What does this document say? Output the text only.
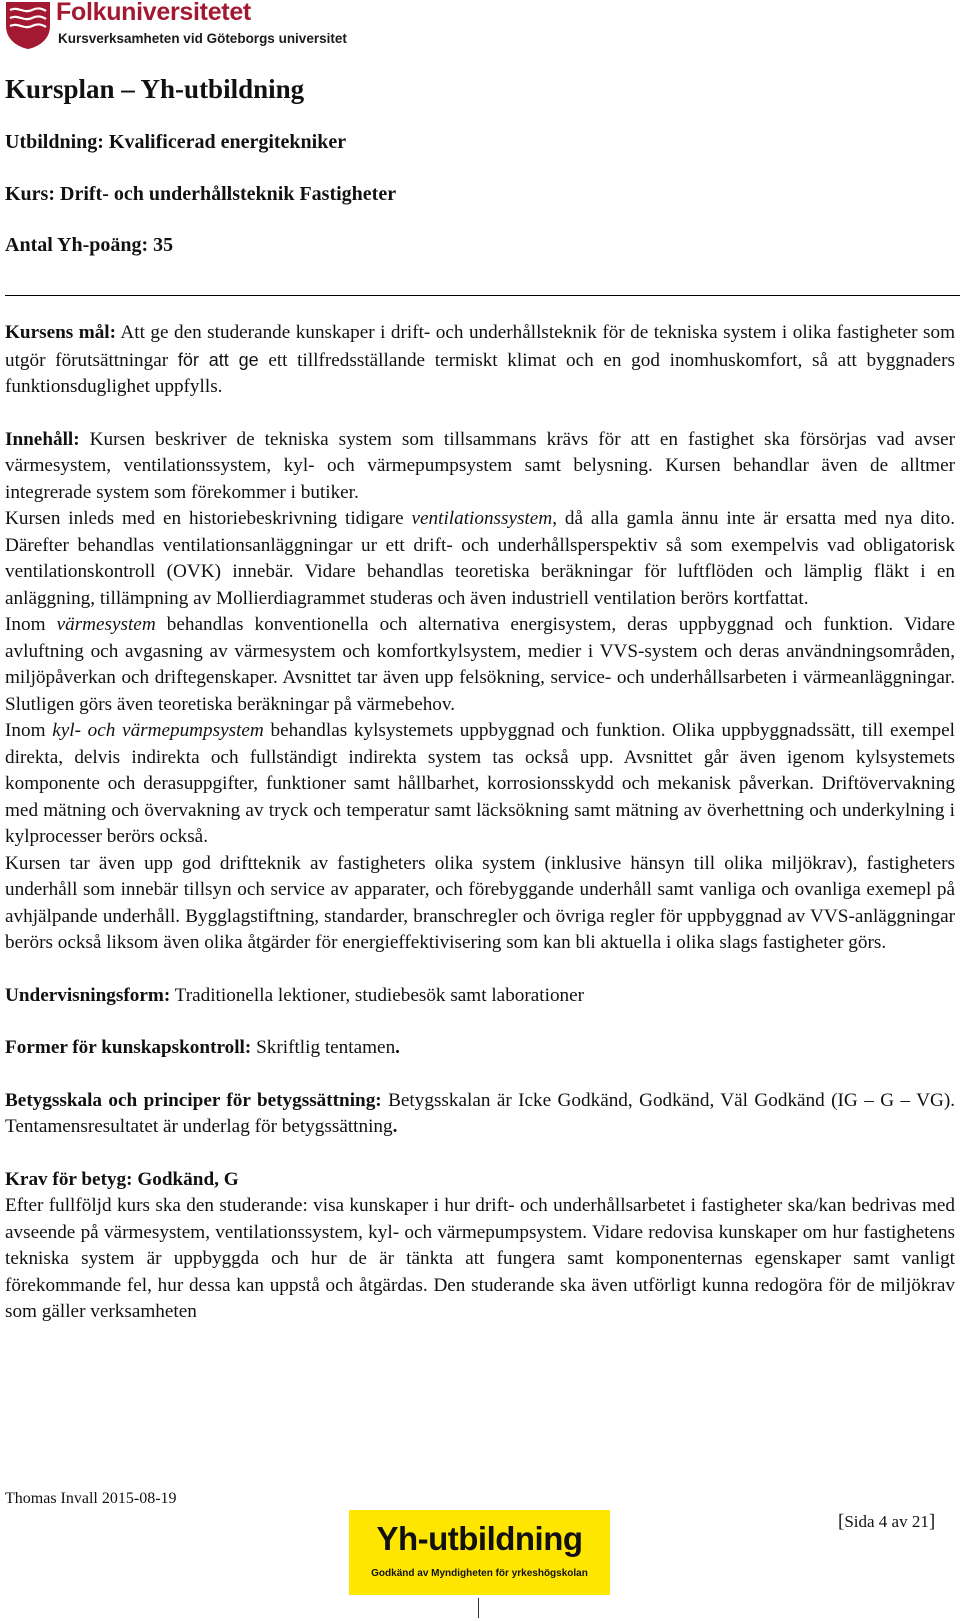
Folkuniversitetet
Kursverksamheten vid Göteborgs universitet
Kursplan – Yh-utbildning
Utbildning: Kvalificerad energitekniker
Kurs: Drift- och underhållsteknik Fastigheter
Antal Yh-poäng: 35

Kursens mål: Att ge den studerande kunskaper i drift- och underhållsteknik för de tekniska system i olika fastigheter som utgör förutsättningar för att ge ett tillfredsställande termiskt klimat och en god inomhuskomfort, så att byggnaders funktionsduglighet uppfylls.

Innehåll: Kursen beskriver de tekniska system som tillsammans krävs för att en fastighet ska försörjas vad avser värmesystem, ventilationssystem, kyl- och värmepumpsystem samt belysning. Kursen behandlar även de alltmer integrerade system som förekommer i butiker.

Kursen inleds med en historiebeskrivning tidigare ventilationssystem, då alla gamla ännu inte är ersatta med nya dito. Därefter behandlas ventilationsanläggningar ur ett drift- och underhållsperspektiv så som exempelvis vad obligatorisk ventilationskontroll (OVK) innebär. Vidare behandlas teoretiska beräkningar för luftflöden och lämplig fläkt i en anläggning, tillämpning av Mollierdiagrammet studeras och även industriell ventilation berörs kortfattat.

Inom värmesystem behandlas konventionella och alternativa energisystem, deras uppbyggnad och funktion. Vidare avluftning och avgasning av värmesystem och komfortkylsystem, medier i VVS-system och deras användningsområden, miljöpåverkan och driftegenskaper. Avsnittet tar även upp felsökning, service- och underhållsarbeten i värmeanläggningar. Slutligen görs även teoretiska beräkningar på värmebehov.

Inom kyl- och värmepumpsystem behandlas kylsystemets uppbyggnad och funktion. Olika uppbyggnadssätt, till exempel direkta, delvis indirekta och fullständigt indirekta system tas också upp. Avsnittet går även igenom kylsystemets komponente och derasuppgifter, funktioner samt hållbarhet, korrosionsskydd och mekanisk påverkan. Driftövervakning med mätning och övervakning av tryck och temperatur samt läcksökning samt mätning av överhettning och underkylning i kylprocesser berörs också.

Kursen tar även upp god driftteknik av fastigheters olika system (inklusive hänsyn till olika miljökrav), fastigheters underhåll som innebär tillsyn och service av apparater, och förebyggande underhåll samt vanliga och ovanliga exemepl på avhjälpande underhåll. Bygglagstiftning, standarder, branschregler och övriga regler för uppbyggnad av VVS-anläggningar berörs också liksom även olika åtgärder för energieffektivisering som kan bli aktuella i olika slags fastigheter görs.

Undervisningsform: Traditionella lektioner, studiebesök samt laborationer

Former för kunskapskontroll: Skriftlig tentamen.

Betygsskala och principer för betygssättning: Betygsskalan är Icke Godkänd, Godkänd, Väl Godkänd (IG – G – VG). Tentamensresultatet är underlag för betygssättning.

Krav för betyg: Godkänd, G

Efter fullföljd kurs ska den studerande: visa kunskaper i hur drift- och underhållsarbetet i fastigheter ska/kan bedrivas med avseende på värmesystem, ventilationssystem, kyl- och värmepumpsystem. Vidare redovisa kunskaper om hur fastighetens tekniska system är uppbyggda och hur de är tänkta att fungera samt komponenternas egenskaper samt vanligt förekommande fel, hur dessa kan uppstå och åtgärdas. Den studerande ska även utförligt kunna redogöra för de miljökrav som gäller verksamheten

Thomas Invall 2015-08-19
Yh-utbildning
Godkänd av Myndigheten för yrkeshögskolan
[Sida 4 av 21]
